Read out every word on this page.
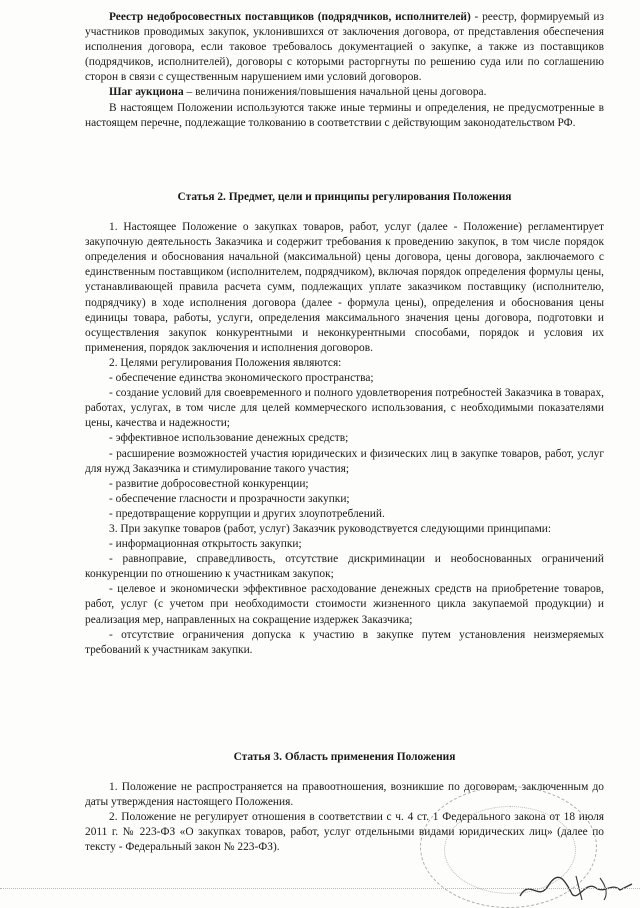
Реестр недобросовестных поставщиков (подрядчиков, исполнителей) - реестр, формируемый из участников проводимых закупок, уклонившихся от заключения договора, от представления обеспечения исполнения договора, если таковое требовалось документацией о закупке, а также из поставщиков (подрядчиков, исполнителей), договоры с которыми расторгнуты по решению суда или по соглашению сторон в связи с существенным нарушением ими условий договоров.

Шаг аукциона – величина понижения/повышения начальной цены договора.

В настоящем Положении используются также иные термины и определения, не предусмотренные в настоящем перечне, подлежащие толкованию в соответствии с действующим законодательством РФ.

Статья 2. Предмет, цели и принципы регулирования Положения

1. Настоящее Положение о закупках товаров, работ, услуг (далее - Положение) регламентирует закупочную деятельность Заказчика и содержит требования к проведению закупок, в том числе порядок определения и обоснования начальной (максимальной) цены договора, цены договора, заключаемого с единственным поставщиком (исполнителем, подрядчиком), включая порядок определения формулы цены, устанавливающей правила расчета сумм, подлежащих уплате заказчиком поставщику (исполнителю, подрядчику) в ходе исполнения договора (далее - формула цены), определения и обоснования цены единицы товара, работы, услуги, определения максимального значения цены договора, подготовки и осуществления закупок конкурентными и неконкурентными способами, порядок и условия их применения, порядок заключения и исполнения договоров.

2. Целями регулирования Положения являются:

- обеспечение единства экономического пространства;

- создание условий для своевременного и полного удовлетворения потребностей Заказчика в товарах, работах, услугах, в том числе для целей коммерческого использования, с необходимыми показателями цены, качества и надежности;

- эффективное использование денежных средств;

- расширение возможностей участия юридических и физических лиц в закупке товаров, работ, услуг для нужд Заказчика и стимулирование такого участия;

- развитие добросовестной конкуренции;

- обеспечение гласности и прозрачности закупки;

- предотвращение коррупции и других злоупотреблений.

3. При закупке товаров (работ, услуг) Заказчик руководствуется следующими принципами:

- информационная открытость закупки;

- равноправие, справедливость, отсутствие дискриминации и необоснованных ограничений конкуренции по отношению к участникам закупок;

- целевое и экономически эффективное расходование денежных средств на приобретение товаров, работ, услуг (с учетом при необходимости стоимости жизненного цикла закупаемой продукции) и реализация мер, направленных на сокращение издержек Заказчика;

- отсутствие ограничения допуска к участию в закупке путем установления неизмеряемых требований к участникам закупки.

Статья 3. Область применения Положения

1. Положение не распространяется на правоотношения, возникшие по договорам, заключенным до даты утверждения настоящего Положения.

2. Положение не регулирует отношения в соответствии с ч. 4 ст. 1 Федерального закона от 18 июля 2011 г. № 223-ФЗ «О закупках товаров, работ, услуг отдельными видами юридических лиц» (далее по тексту - Федеральный закон № 223-ФЗ).
